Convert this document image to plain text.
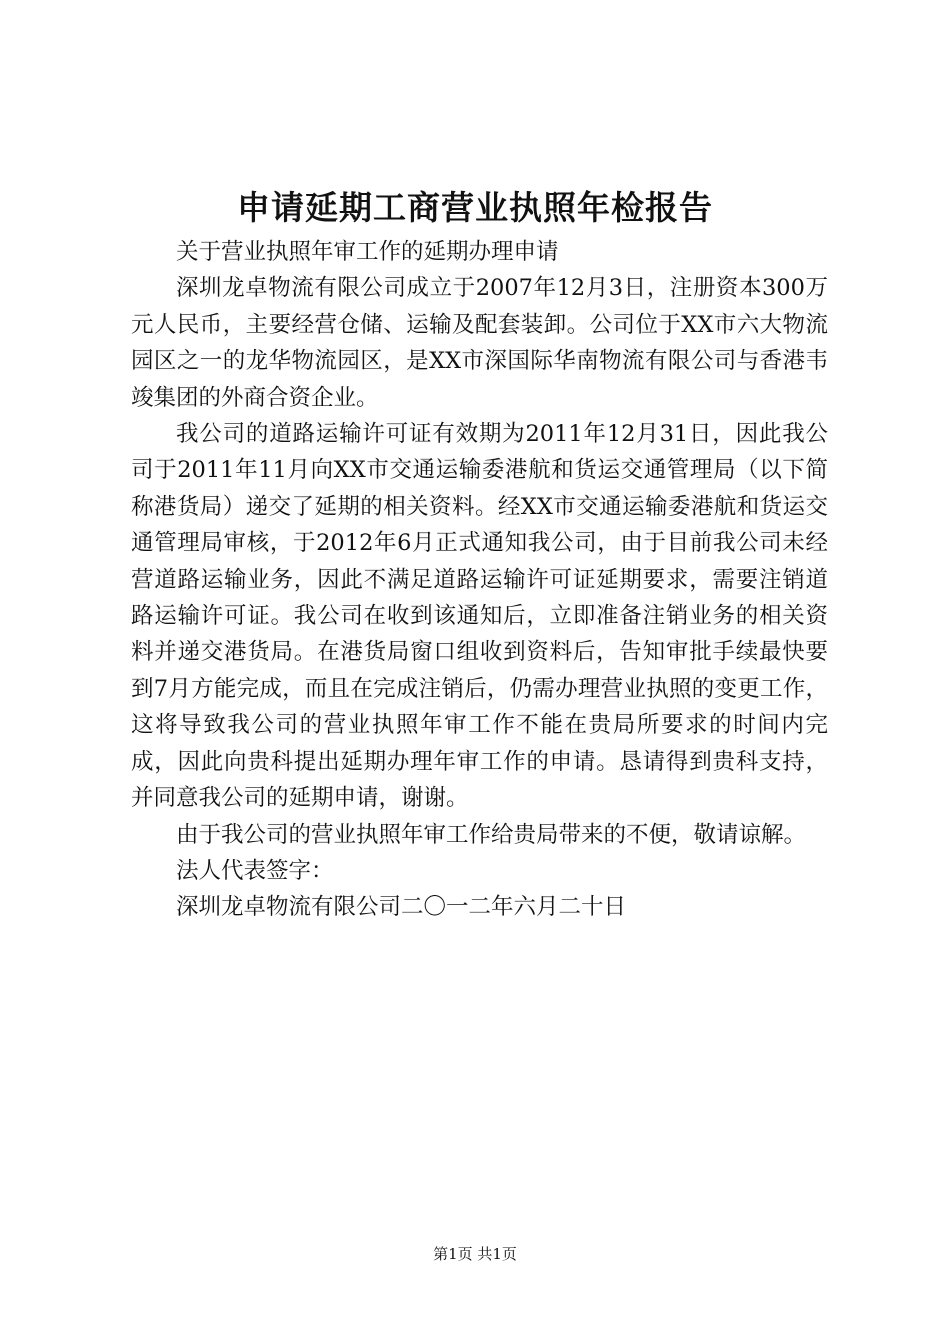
申请延期工商营业执照年检报告

关于营业执照年审工作的延期办理申请

深圳龙卓物流有限公司成立于2007年12月3日，注册资本300万元人民币，主要经营仓储、运输及配套装卸。公司位于XX市六大物流园区之一的龙华物流园区，是XX市深国际华南物流有限公司与香港韦竣集团的外商合资企业。

我公司的道路运输许可证有效期为2011年12月31日，因此我公司于2011年11月向XX市交通运输委港航和货运交通管理局（以下简称港货局）递交了延期的相关资料。经XX市交通运输委港航和货运交通管理局审核，于2012年6月正式通知我公司，由于目前我公司未经营道路运输业务，因此不满足道路运输许可证延期要求，需要注销道路运输许可证。我公司在收到该通知后，立即准备注销业务的相关资料并递交港货局。在港货局窗口组收到资料后，告知审批手续最快要到7月方能完成，而且在完成注销后，仍需办理营业执照的变更工作，这将导致我公司的营业执照年审工作不能在贵局所要求的时间内完成，因此向贵科提出延期办理年审工作的申请。恳请得到贵科支持，并同意我公司的延期申请，谢谢。

由于我公司的营业执照年审工作给贵局带来的不便，敬请谅解。

法人代表签字：

深圳龙卓物流有限公司二〇一二年六月二十日

第1页 共1页
